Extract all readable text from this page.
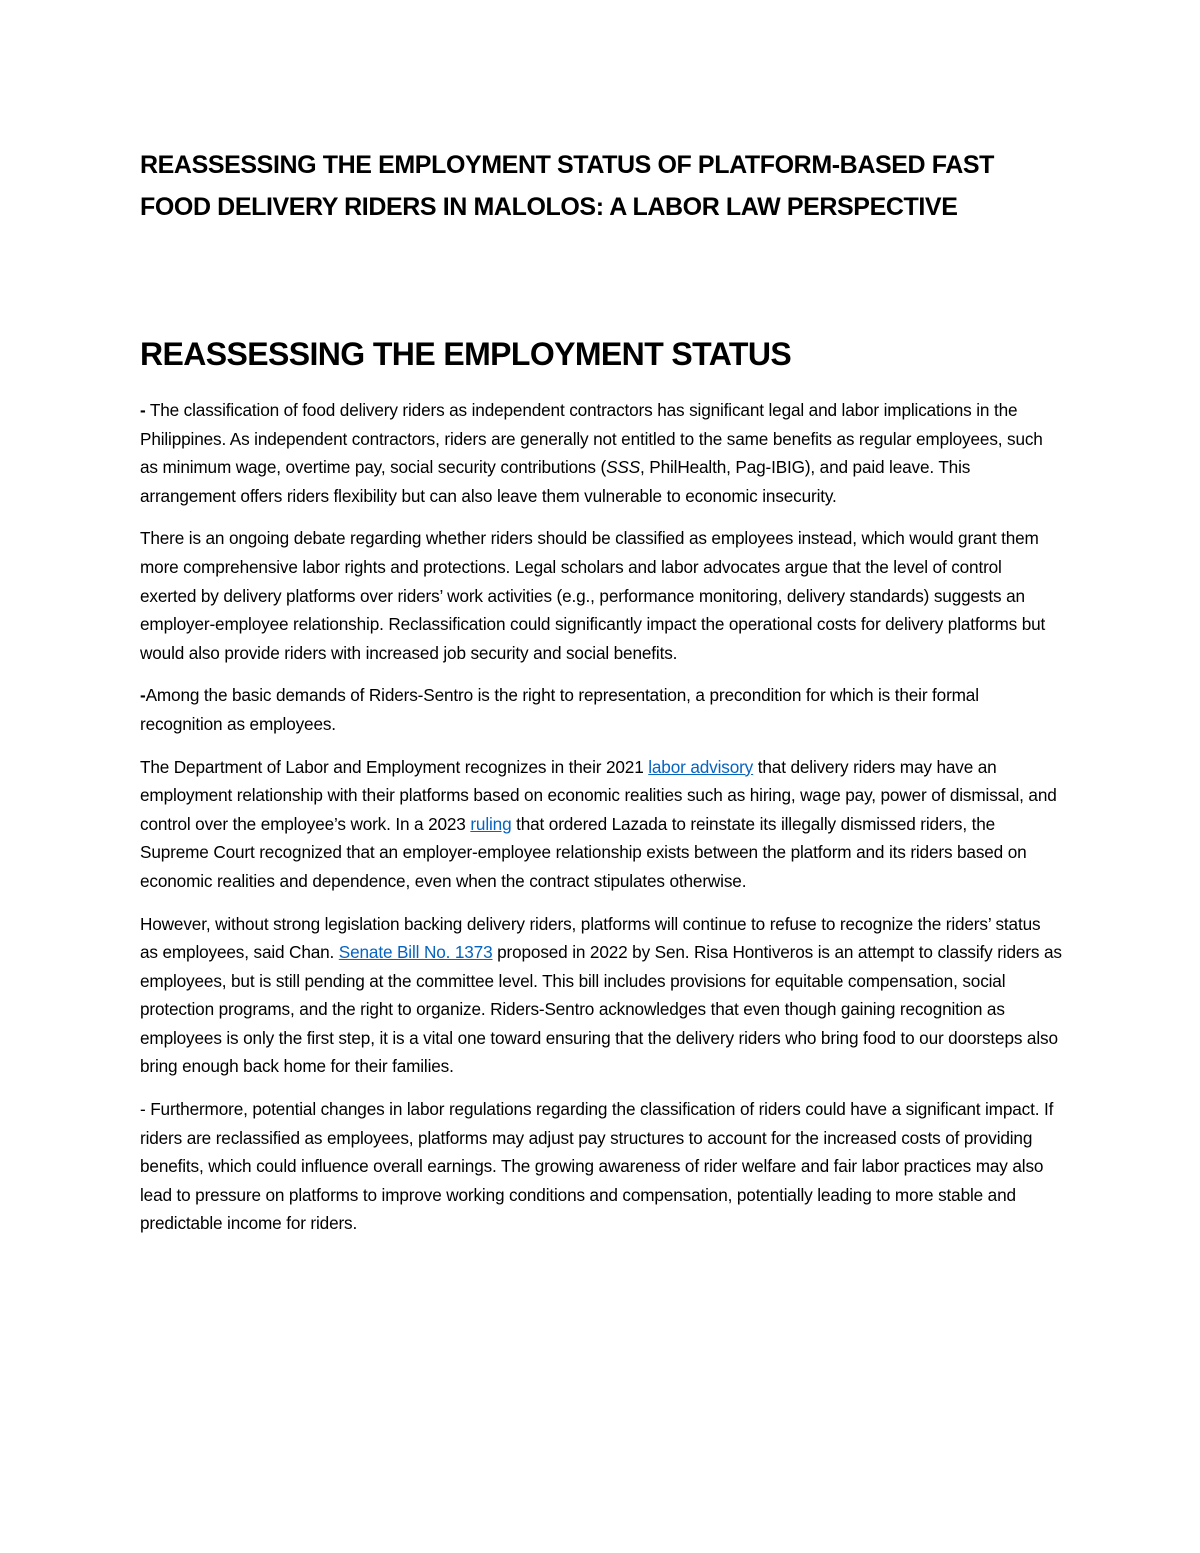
REASSESSING THE EMPLOYMENT STATUS OF PLATFORM-BASED FAST FOOD DELIVERY RIDERS IN MALOLOS: A LABOR LAW PERSPECTIVE
REASSESSING THE EMPLOYMENT STATUS

- The classification of food delivery riders as independent contractors has significant legal and labor implications in the Philippines. As independent contractors, riders are generally not entitled to the same benefits as regular employees, such as minimum wage, overtime pay, social security contributions (SSS, PhilHealth, Pag-IBIG), and paid leave. This arrangement offers riders flexibility but can also leave them vulnerable to economic insecurity.

There is an ongoing debate regarding whether riders should be classified as employees instead, which would grant them more comprehensive labor rights and protections. Legal scholars and labor advocates argue that the level of control exerted by delivery platforms over riders’ work activities (e.g., performance monitoring, delivery standards) suggests an employer-employee relationship. Reclassification could significantly impact the operational costs for delivery platforms but would also provide riders with increased job security and social benefits.

-Among the basic demands of Riders-Sentro is the right to representation, a precondition for which is their formal recognition as employees.

The Department of Labor and Employment recognizes in their 2021 labor advisory that delivery riders may have an employment relationship with their platforms based on economic realities such as hiring, wage pay, power of dismissal, and control over the employee’s work. In a 2023 ruling that ordered Lazada to reinstate its illegally dismissed riders, the Supreme Court recognized that an employer-employee relationship exists between the platform and its riders based on economic realities and dependence, even when the contract stipulates otherwise.

However, without strong legislation backing delivery riders, platforms will continue to refuse to recognize the riders’ status as employees, said Chan. Senate Bill No. 1373 proposed in 2022 by Sen. Risa Hontiveros is an attempt to classify riders as employees, but is still pending at the committee level. This bill includes provisions for equitable compensation, social protection programs, and the right to organize. Riders-Sentro acknowledges that even though gaining recognition as employees is only the first step, it is a vital one toward ensuring that the delivery riders who bring food to our doorsteps also bring enough back home for their families.

- Furthermore, potential changes in labor regulations regarding the classification of riders could have a significant impact. If riders are reclassified as employees, platforms may adjust pay structures to account for the increased costs of providing benefits, which could influence overall earnings. The growing awareness of rider welfare and fair labor practices may also lead to pressure on platforms to improve working conditions and compensation, potentially leading to more stable and predictable income for riders.
